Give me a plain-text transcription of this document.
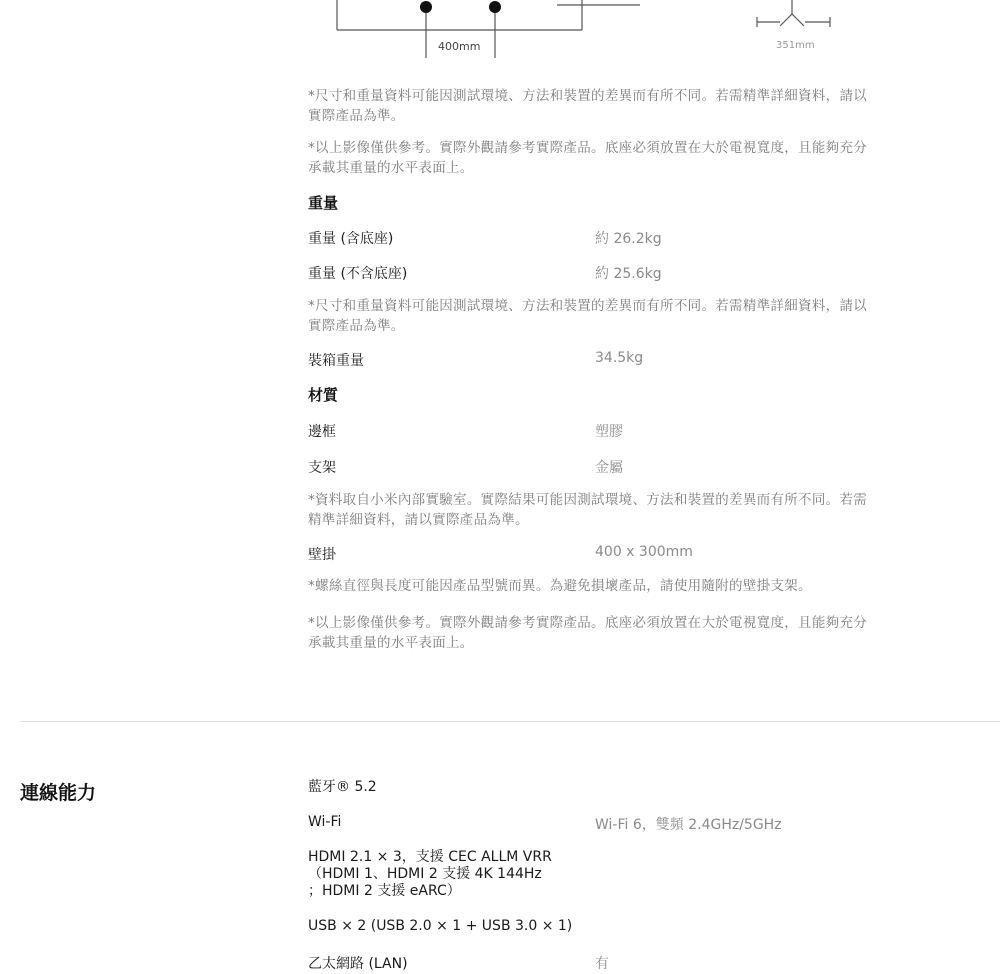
400mm	351mm
*尺寸和重量資料可能因測試環境、方法和裝置的差異而有所不同。若需精準詳細資料，請以實際產品為準。
*以上影像僅供參考。實際外觀請參考實際產品。底座必須放置在大於電視寬度，且能夠充分承載其重量的水平表面上。
重量
重量 (含底座)	約 26.2kg
重量 (不含底座)	約 25.6kg
*尺寸和重量資料可能因測試環境、方法和裝置的差異而有所不同。若需精準詳細資料，請以實際產品為準。
裝箱重量	34.5kg
材質
邊框	塑膠
支架	金屬
*資料取自小米內部實驗室。實際結果可能因測試環境、方法和裝置的差異而有所不同。若需精準詳細資料，請以實際產品為準。
壁掛	400 x 300mm
*螺絲直徑與長度可能因產品型號而異。為避免損壞產品，請使用隨附的壁掛支架。
*以上影像僅供參考。實際外觀請參考實際產品。底座必須放置在大於電視寬度，且能夠充分承載其重量的水平表面上。
連線能力	藍牙® 5.2
Wi-Fi	Wi-Fi 6，雙頻 2.4GHz/5GHz
HDMI 2.1 × 3，支援 CEC ALLM VRR
（HDMI 1、HDMI 2 支援 4K 144Hz
；HDMI 2 支援 eARC）
USB × 2 (USB 2.0 × 1 + USB 3.0 × 1)
乙太網路 (LAN)	有
